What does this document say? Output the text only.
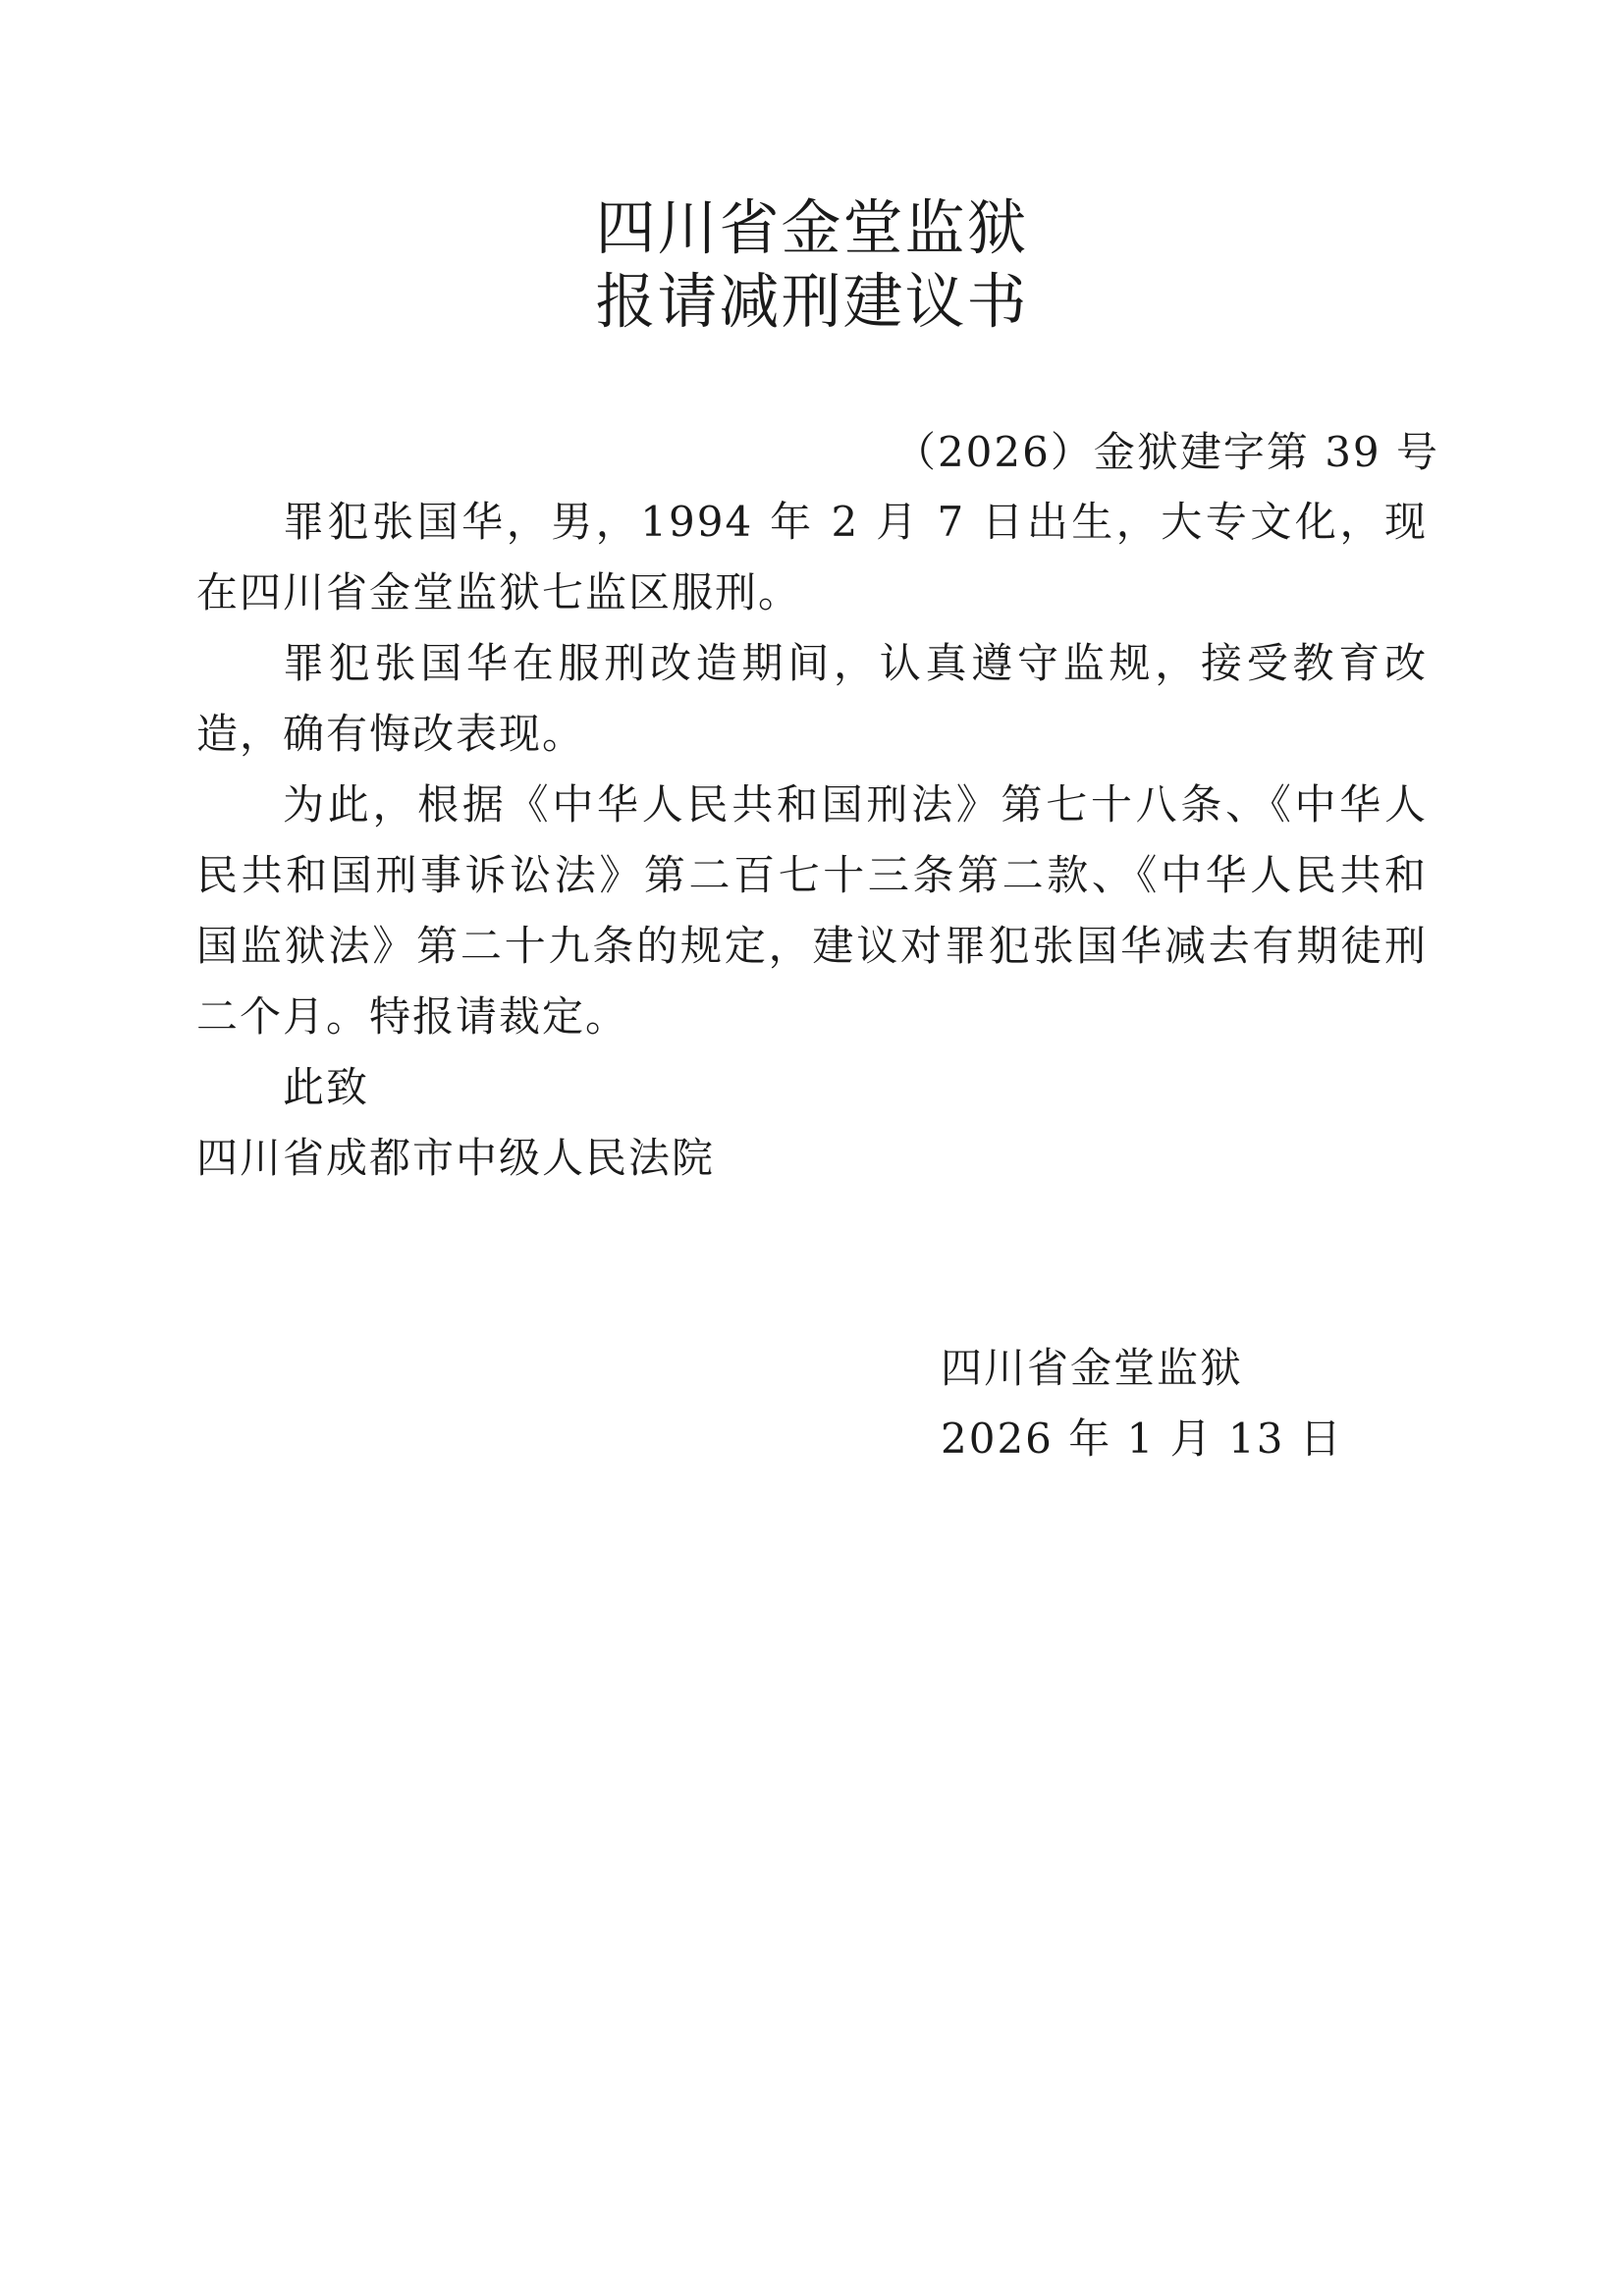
四川省金堂监狱
报请减刑建议书
（2026）金狱建字第 39 号

罪犯张国华，男，1994 年 2 月 7 日出生，大专文化，现在四川省金堂监狱七监区服刑。

罪犯张国华在服刑改造期间，认真遵守监规，接受教育改造，确有悔改表现。

为此，根据《中华人民共和国刑法》第七十八条、《中华人民共和国刑事诉讼法》第二百七十三条第二款、《中华人民共和国监狱法》第二十九条的规定，建议对罪犯张国华减去有期徒刑二个月。特报请裁定。

此致
四川省成都市中级人民法院
四川省金堂监狱
2026 年 1 月 13 日
